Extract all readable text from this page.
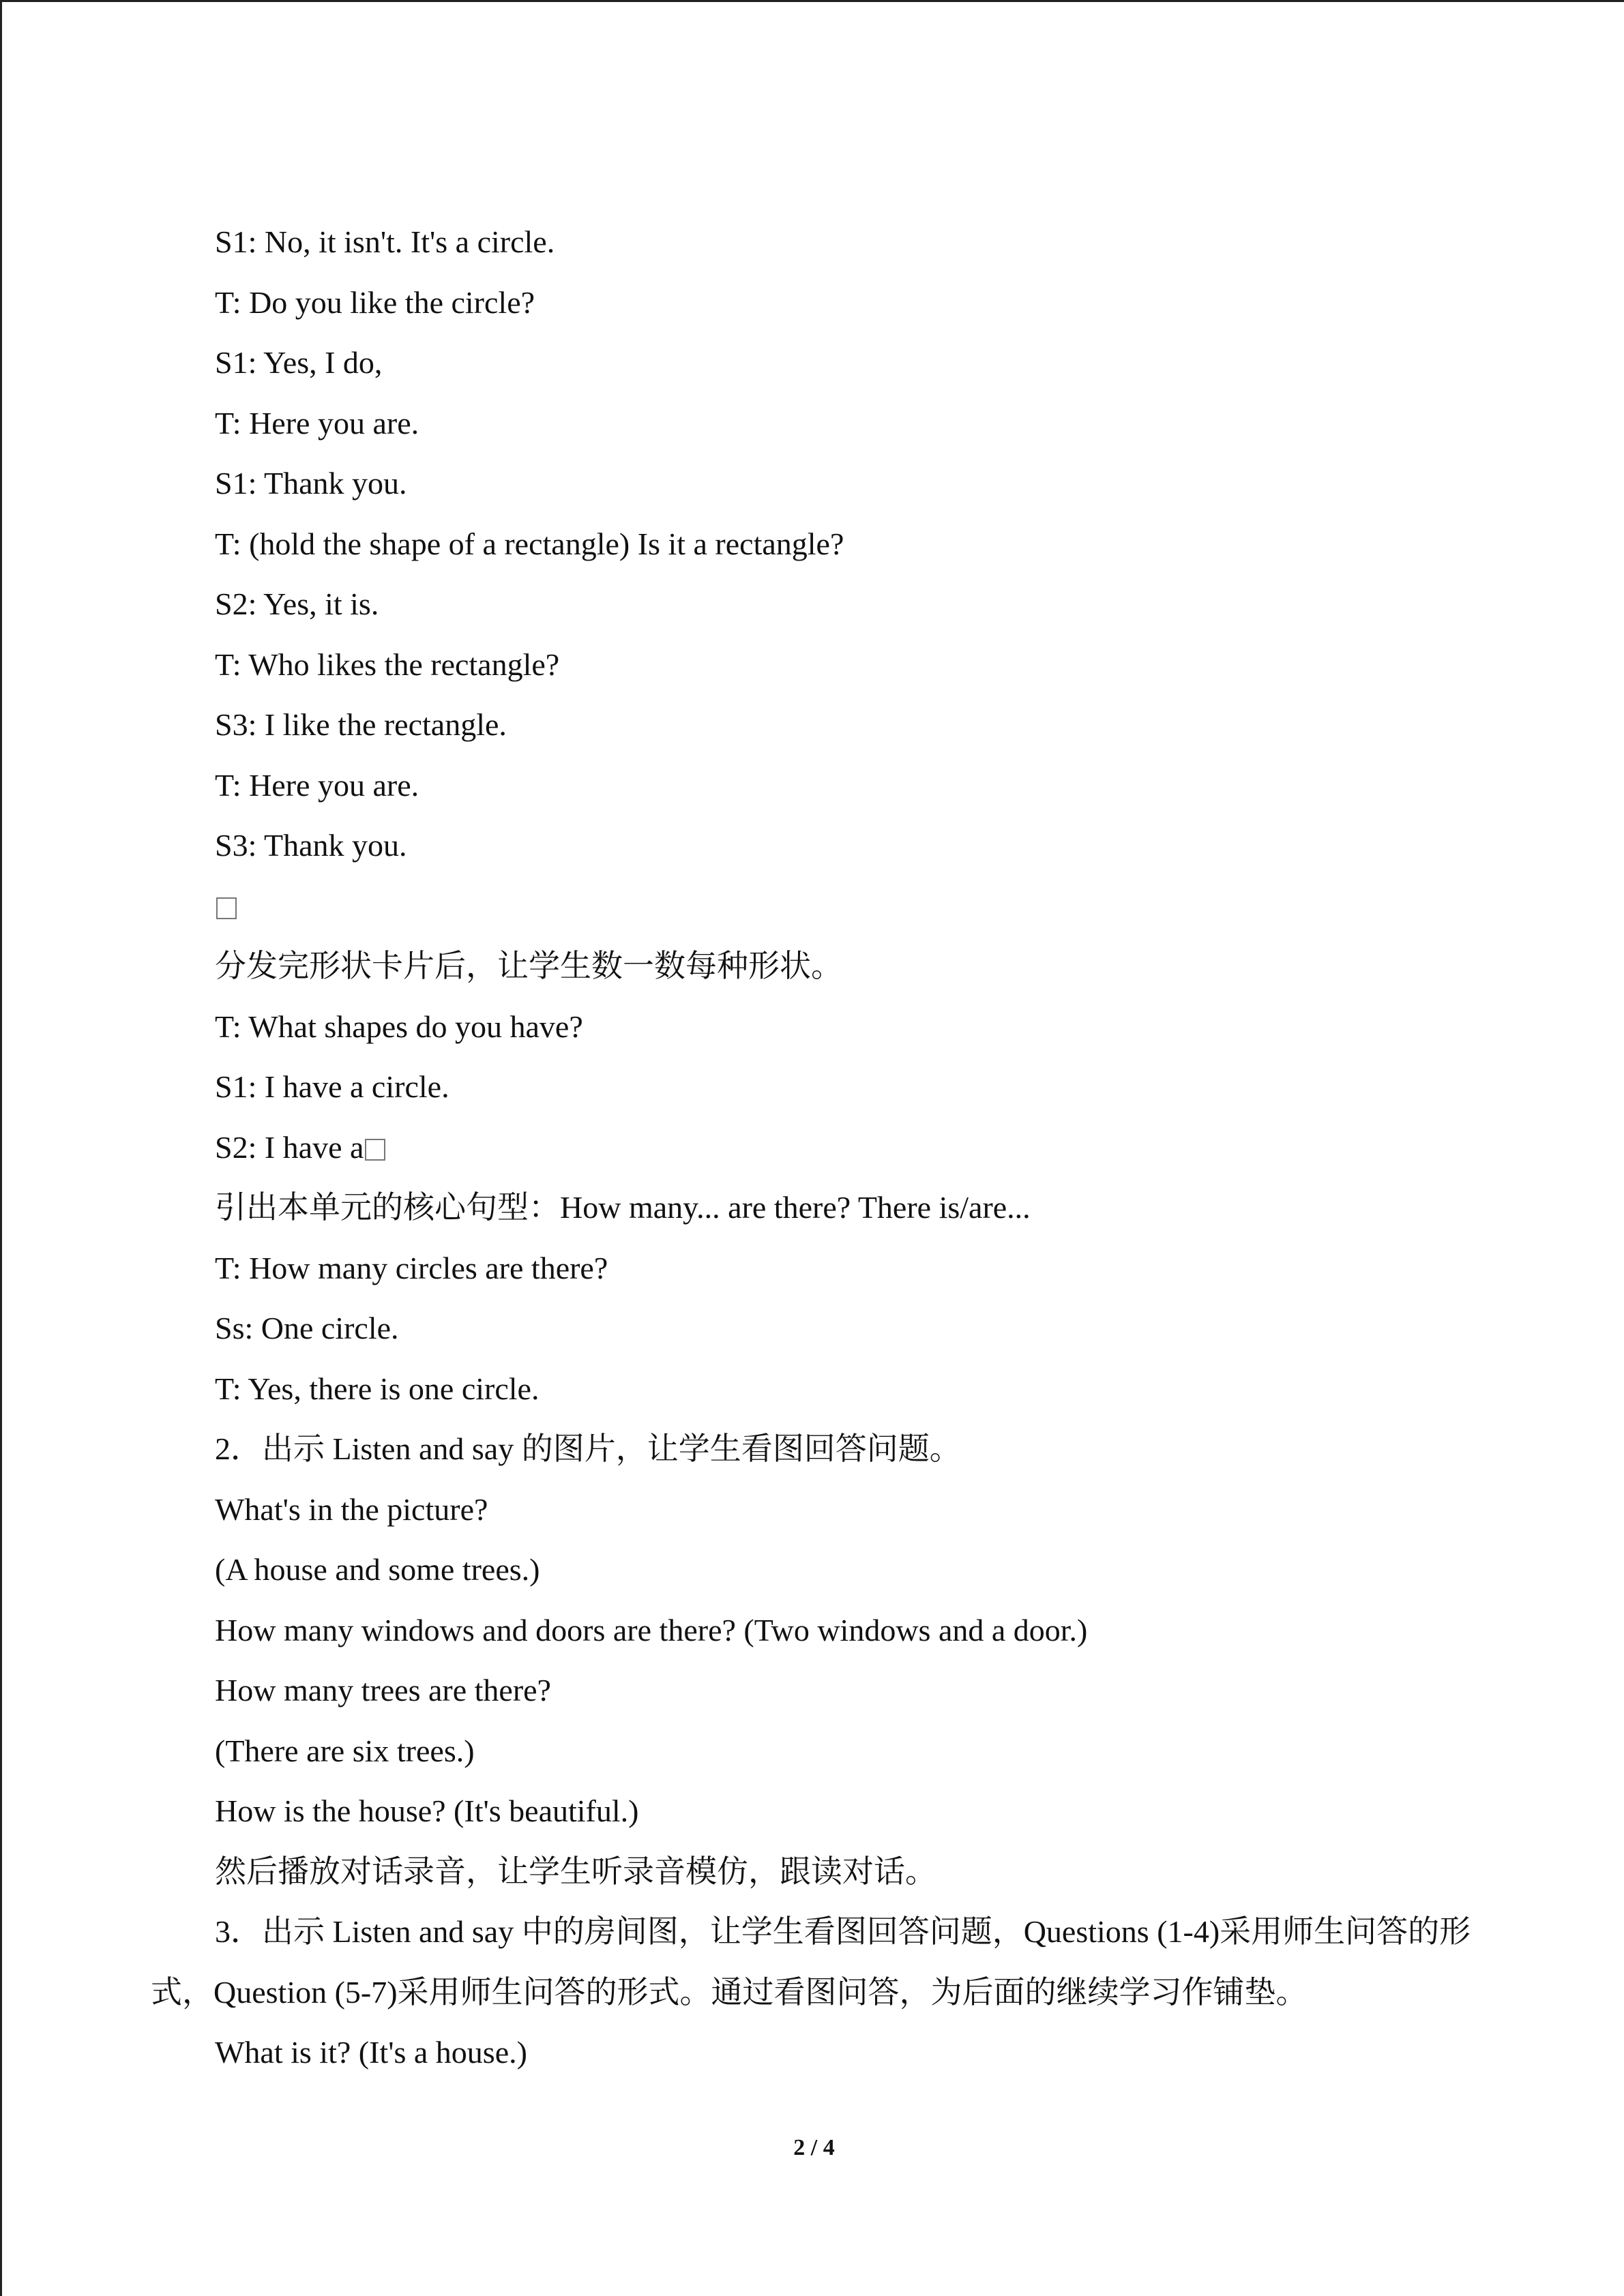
S1: No, it isn't. It's a circle.

T: Do you like the circle?

S1: Yes, I do,

T: Here you are.

S1: Thank you.

T: (hold the shape of a rectangle) Is it a rectangle?

S2: Yes, it is.

T: Who likes the rectangle?

S3: I like the rectangle.

T: Here you are.

S3: Thank you.

分发完形状卡片后，让学生数一数每种形状。

T: What shapes do you have?

S1: I have a circle.

S2: I have a

引出本单元的核心句型：How many... are there? There is/are...

T: How many circles are there?

Ss: One circle.

T: Yes, there is one circle.

2．出示 Listen and say 的图片，让学生看图回答问题。

What's in the picture?

(A house and some trees.)

How many windows and doors are there? (Two windows and a door.)

How many trees are there?

(There are six trees.)

How is the house? (It's beautiful.)

然后播放对话录音，让学生听录音模仿，跟读对话。

3．出示 Listen and say 中的房间图，让学生看图回答问题，Questions (1-4)采用师生问答的形式，Question (5-7)采用师生问答的形式。通过看图问答，为后面的继续学习作铺垫。

What is it? (It's a house.)

2 / 4
